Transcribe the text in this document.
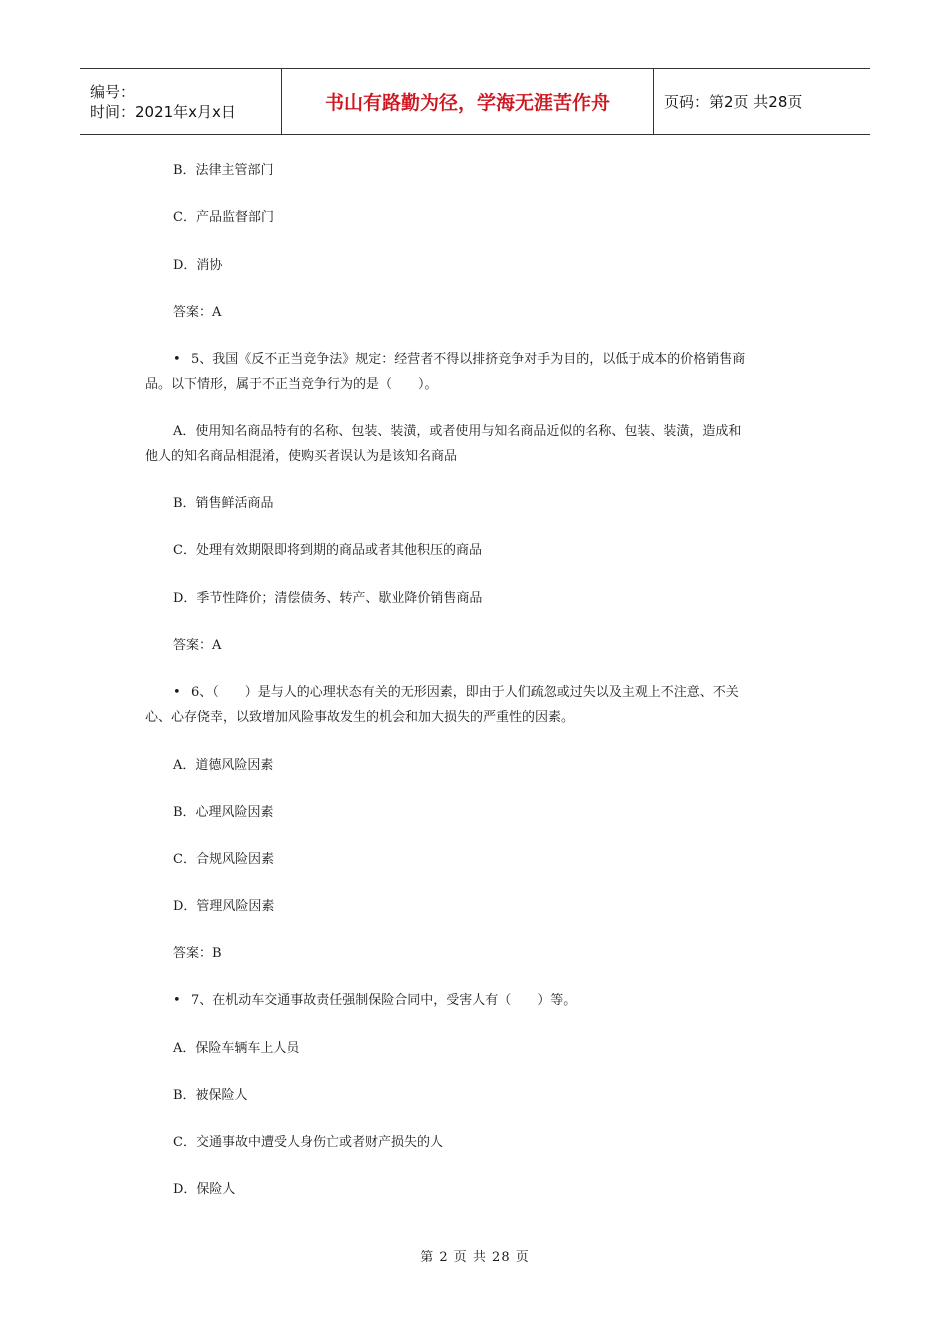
编号：
时间：2021年x月x日	书山有路勤为径，学海无涯苦作舟	页码：第2页 共28页
B．法律主管部门
C．产品监督部门
D．消协
答案：A
• 5、我国《反不正当竞争法》规定：经营者不得以排挤竞争对手为目的，以低于成本的价格销售商
品。以下情形，属于不正当竞争行为的是（　　）。
A．使用知名商品特有的名称、包装、装潢，或者使用与知名商品近似的名称、包装、装潢，造成和
他人的知名商品相混淆，使购买者误认为是该知名商品
B．销售鲜活商品
C．处理有效期限即将到期的商品或者其他积压的商品
D．季节性降价；清偿债务、转产、歇业降价销售商品
答案：A
• 6、（　　）是与人的心理状态有关的无形因素，即由于人们疏忽或过失以及主观上不注意、不关
心、心存侥幸，以致增加风险事故发生的机会和加大损失的严重性的因素。
A．道德风险因素
B．心理风险因素
C．合规风险因素
D．管理风险因素
答案：B
• 7、在机动车交通事故责任强制保险合同中，受害人有（　　）等。
A．保险车辆车上人员
B．被保险人
C．交通事故中遭受人身伤亡或者财产损失的人
D．保险人
第 2 页 共 28 页
